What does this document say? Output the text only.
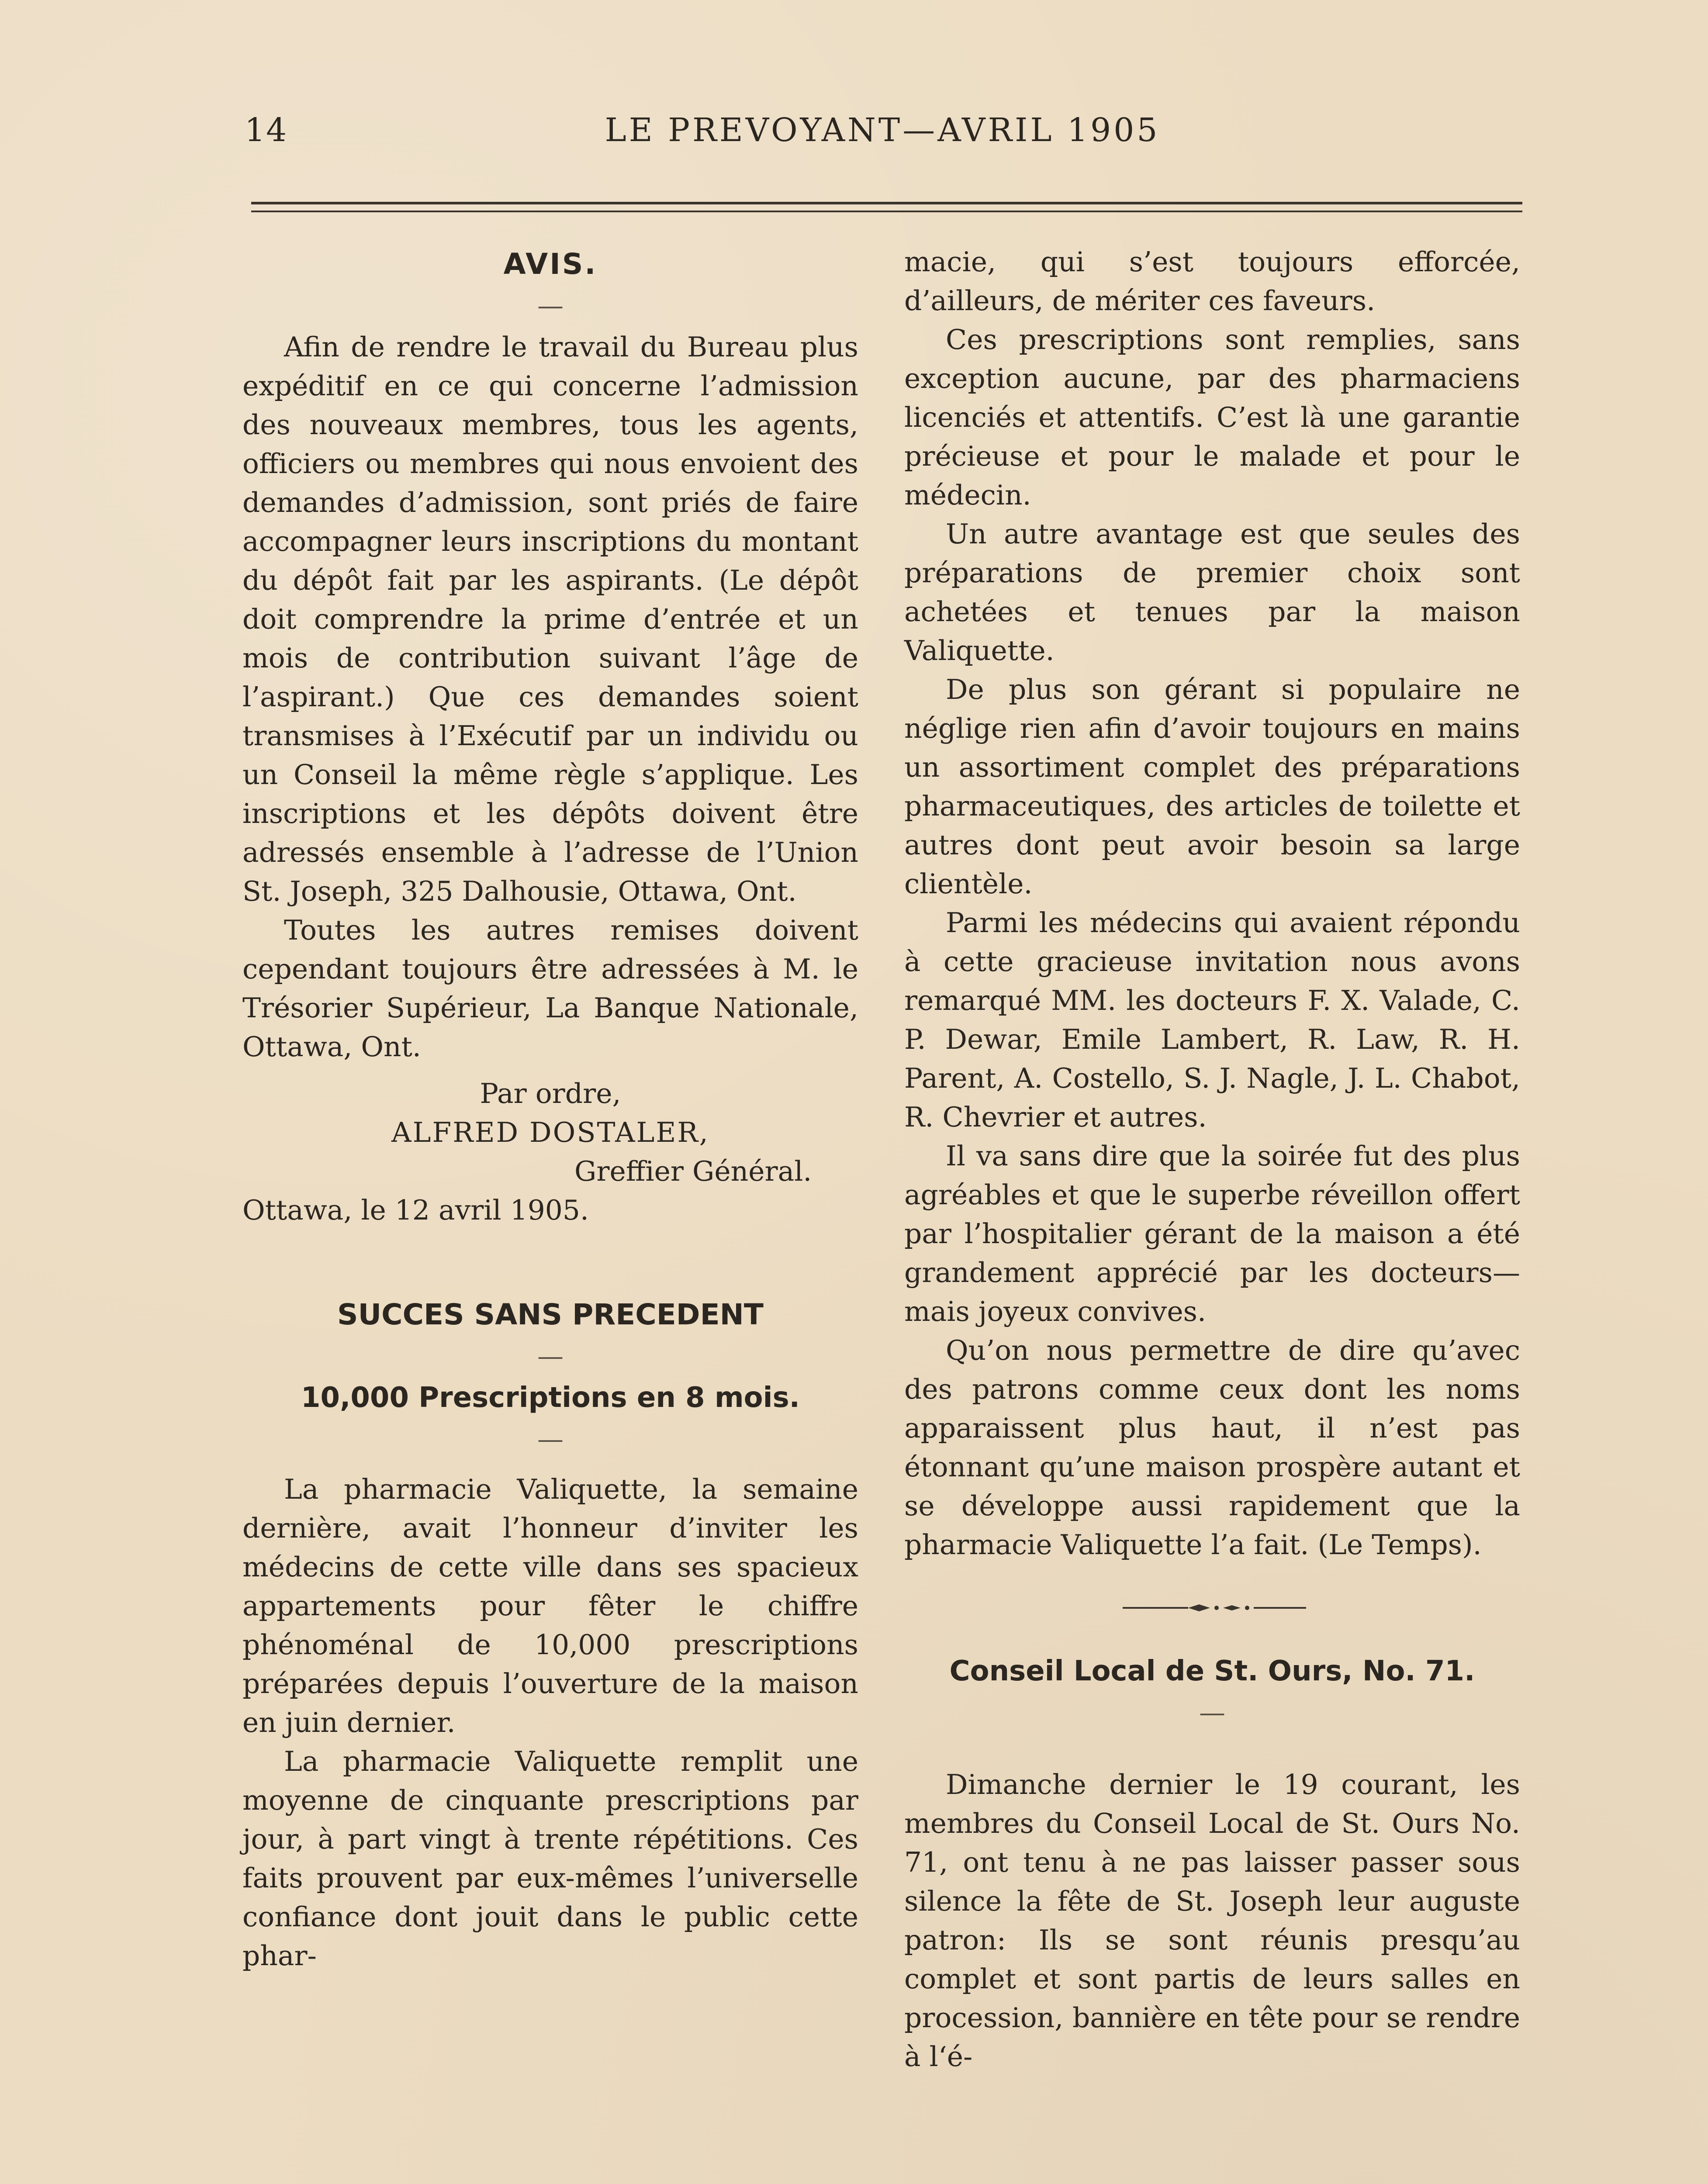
14	LE PREVOYANT—AVRIL 1905
AVIS.
—

Afin de rendre le travail du Bureau plus expéditif en ce qui concerne l’admission des nouveaux membres, tous les agents, officiers ou membres qui nous envoient des demandes d’admission, sont priés de faire accompagner leurs inscriptions du montant du dépôt fait par les aspirants. (Le dépôt doit comprendre la prime d’entrée et un mois de contribution suivant l’âge de l’aspirant.) Que ces demandes soient transmises à l’Exécutif par un individu ou un Conseil la même règle s’applique. Les inscriptions et les dépôts doivent être adressés ensemble à l’adresse de l’Union St. Joseph, 325 Dalhousie, Ottawa, Ont.

Toutes les autres remises doivent cependant toujours être adressées à M. le Trésorier Supérieur, La Banque Nationale, Ottawa, Ont.

Par ordre,
ALFRED DOSTALER,
Greffier Général.
Ottawa, le 12 avril 1905.
SUCCES SANS PRECEDENT
—
10,000 Prescriptions en 8 mois.
—

La pharmacie Valiquette, la semaine dernière, avait l’honneur d’inviter les médecins de cette ville dans ses spacieux appartements pour fêter le chiffre phénoménal de 10,000 prescriptions préparées depuis l’ouverture de la maison en juin dernier.

La pharmacie Valiquette remplit une moyenne de cinquante prescriptions par jour, à part vingt à trente répétitions. Ces faits prouvent par eux-mêmes l’universelle confiance dont jouit dans le public cette phar-

macie, qui s’est toujours efforcée, d’ailleurs, de mériter ces faveurs.

Ces prescriptions sont remplies, sans exception aucune, par des pharmaciens licenciés et attentifs. C’est là une garantie précieuse et pour le malade et pour le médecin.

Un autre avantage est que seules des préparations de premier choix sont achetées et tenues par la maison Valiquette.

De plus son gérant si populaire ne néglige rien afin d’avoir toujours en mains un assortiment complet des préparations pharmaceutiques, des articles de toilette et autres dont peut avoir besoin sa large clientèle.

Parmi les médecins qui avaient répondu à cette gracieuse invitation nous avons remarqué MM. les docteurs F. X. Valade, C. P. Dewar, Emile Lambert, R. Law, R. H. Parent, A. Costello, S. J. Nagle, J. L. Chabot, R. Chevrier et autres.

Il va sans dire que la soirée fut des plus agréables et que le superbe réveillon offert par l’hospitalier gérant de la maison a été grandement apprécié par les docteurs—mais joyeux convives.

Qu’on nous permettre de dire qu’avec des patrons comme ceux dont les noms apparaissent plus haut, il n’est pas étonnant qu’une maison prospère autant et se développe aussi rapidement que la pharmacie Valiquette l’a fait. (Le Temps).

Conseil Local de St. Ours, No. 71.
—

Dimanche dernier le 19 courant, les membres du Conseil Local de St. Ours No. 71, ont tenu à ne pas laisser passer sous silence la fête de St. Joseph leur auguste patron: Ils se sont réunis presqu’au complet et sont partis de leurs salles en procession, bannière en tête pour se rendre à l‘é-
